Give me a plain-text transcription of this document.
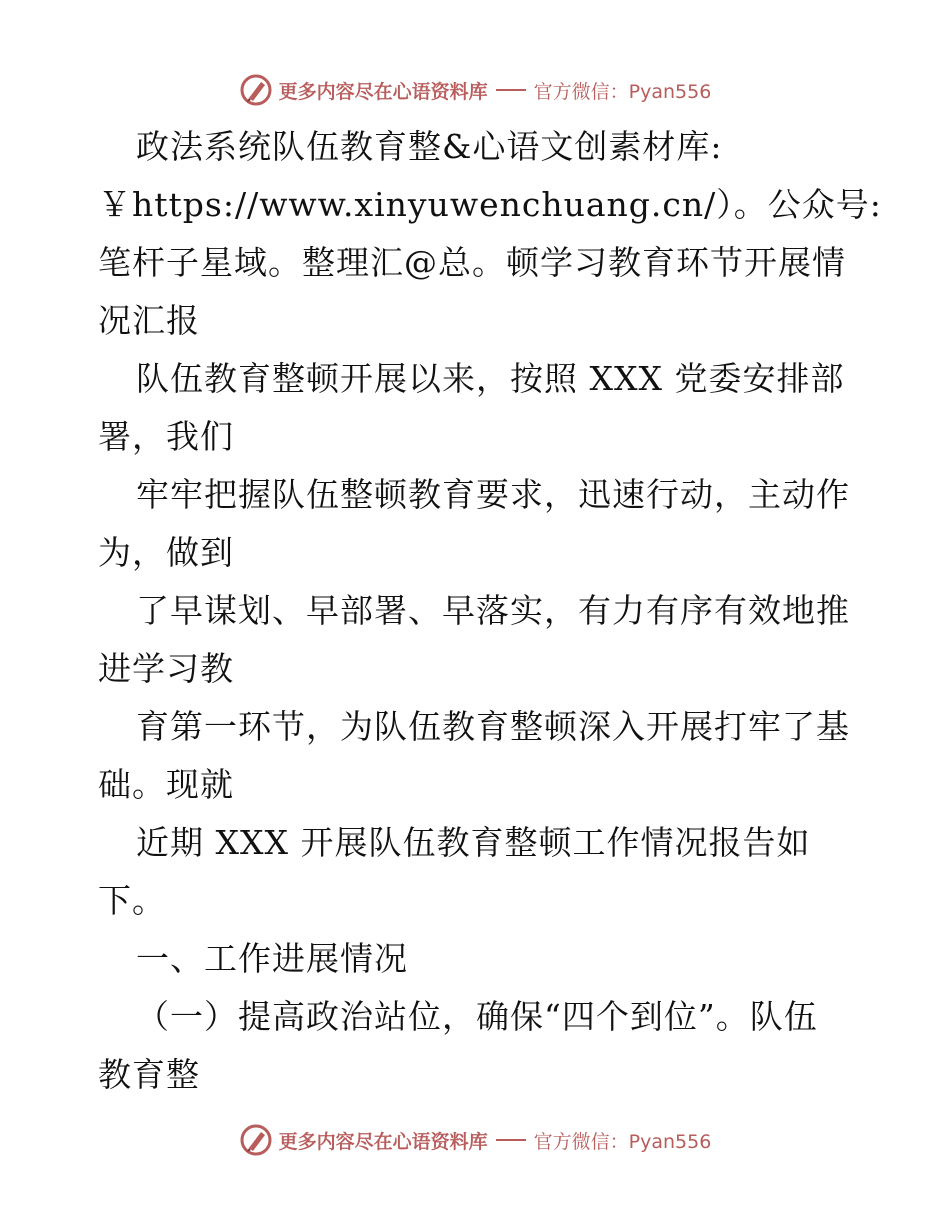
更多内容尽在心语资料库 官方微信：Pyan556
政法系统队伍教育整&心语文创素材库:
￥https://www.xinyuwenchuang.cn/）。公众号:
笔杆子星域。整理汇@总。顿学习教育环节开展情
况汇报
队伍教育整顿开展以来，按照 XXX 党委安排部
署，我们
牢牢把握队伍整顿教育要求，迅速行动，主动作
为，做到
了早谋划、早部署、早落实，有力有序有效地推
进学习教
育第一环节，为队伍教育整顿深入开展打牢了基
础。现就
近期 XXX 开展队伍教育整顿工作情况报告如
下。
一、工作进展情况
（一）提高政治站位，确保“四个到位”。队伍
教育整
更多内容尽在心语资料库 官方微信：Pyan556
